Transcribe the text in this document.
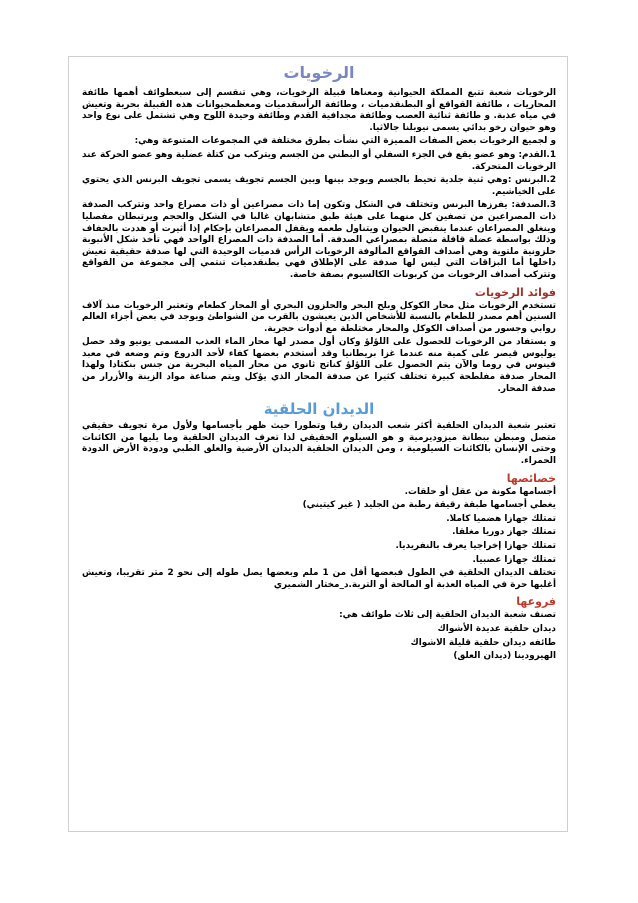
الرخويات

الرخويات شعبة تتبع المملكة الحيوانية ومعناها قبيلة الرخويات، وهي تنقسم إلى سبعطوائف أهمها طائفة المحاريات ، طائفة القواقع أو البطنقدميات ، وطائفة الرأسقدميات ومعظمحيوانات هذه القبيلة بحرية وتعيش في مياه عذبة. و طائفة ثنائية العصب وطائفة مجدافية القدم وطائفة وحيدة اللوح وهي تشتمل على نوع واحد وهو حيوان رخو بدائي يسمى نيوبلنا جالاثيا.

و لجميع الرخويات بعض الصفات المميزة التي نشأت بطرق مختلفة في المجموعات المتنوعة وهي:

1.القدم: وهو عضو يقع في الجزء السفلي أو البطني من الجسم ويتركب من كتلة عضلية وهو عضو الحركة عند الرخويات المتحركة.

2.البرنس :وهي ثنية جلدية تحيط بالجسم ويوجد بينها وبين الجسم تجويف يسمى تجويف البرنس الذي يحتوي على الخياشيم.

3.الصدفة: يفرزها البرنس وتختلف في الشكل وتكون إما ذات مصراعين أو ذات مصراع واحد وتتركب الصدفة ذات المصراعين من تصفين كل منهما على هيئة طبق متشابهان غالبا في الشكل والحجم ويرتبطان مفصليا وينغلق المصراعان عندما ينقبض الحيوان ويتناول طعمه ويقفل المصراعان بإحكام إذا أثيرت أو هددت بالجفاف وذلك بواسطة عضلة قافلة متصلة بمصراعي الصدفة. أما الصدفة ذات المصراع الواحد فهي تأخذ شكل الأنبوبة حلزونية ملتوية وهي أصداف القواقع المألوفة الرخويات الرأس قدميات الوحيدة التي لها صدفة حقيقية تعيش داخلها أما البزاقات التي ليس لها صدفة على الإطلاق فهي بطنقدميات تنتمي إلى مجموعة من القواقع وتتركب أصداف الرخويات من كربونات الكالسيوم بصفة خاصة.

فوائد الرخويات

تستخدم الرخويات مثل محار الكوكل وبلح البحر والحلزون البحري أو المحار كطعام وتعتبر الرخويات منذ آلاف السنين أهم مصدر للطعام بالنسبة للأشخاص الذين يعيشون بالقرب من الشواطئ ويوجد في بعض أجزاء العالم روابي وجسور من أصداف الكوكل والمحار مختلطة مع أدوات حجرية.

و يستفاد من الرخويات للحصول على اللؤلؤ وكان أول مصدر لها محار الماء العذب المسمى يونيو وقد حصل يوليوس قيصر على كمية منه عندما غزا بريطانيا وقد أستخدم بعضها كفاء لأحد الدروع وتم وضعه في معبد فينوس في روما والآن يتم الحصول على اللؤلؤ كناتج ثانوي من محار المياه البحرية من جنس بنكتادا ولهذا المحار صدفة مفلطحة كبيرة تختلف كثيرا عن صدفة المحار الذي يؤكل ويتم صناعة مواد الزينة والأزرار من صدفة المحار.

الديدان الحلقية

تعتبر شعبة الديدان الحلقية أكثر شعب الديدان رقيا وتطورا حيث ظهر بأجسامها ولأول مرة تجويف حقيقي متصل ومبطن ببطانة ميزوديرمية و هو السيلوم الحقيقي لذا تعرف الديدان الحلقية وما يليها من الكائنات وحتى الإنسان بالكائنات السيلومية ، ومن الديدان الحلقية الديدان الأرضية والعلق الطبي ودودة الأرض الدودة الحمراء.

خصائصها

أجسامها مكونة من عقل أو حلقات.

يغطي أجسامها طبقة رقيقة رطبة من الجليد ( غير كيتيني)

تمتلك جهازا هضميا كاملا.

تمتلك جهاز دوريا مغلقا.

تمتلك جهازا إخراجيا يعرف بالنفريديا.

تمتلك جهازا عصبيا.

تختلف الديدان الحلقية في الطول فبعضها أقل من 1 ملم وبعضها يصل طوله إلى نحو 2 متر تقريبا، وتعيش أغلبها حرة في المياه العذبة أو المالحة أو التربة.د_مختار الشميري

فروعها

تصنف شعبة الديدان الحلقية إلى ثلاث طوائف هي:

ديدان حلقية عديدة الأشواك

طائفه ديدان حلقية قليلة الاشواك

الهيرودينا (ديدان العلق)
